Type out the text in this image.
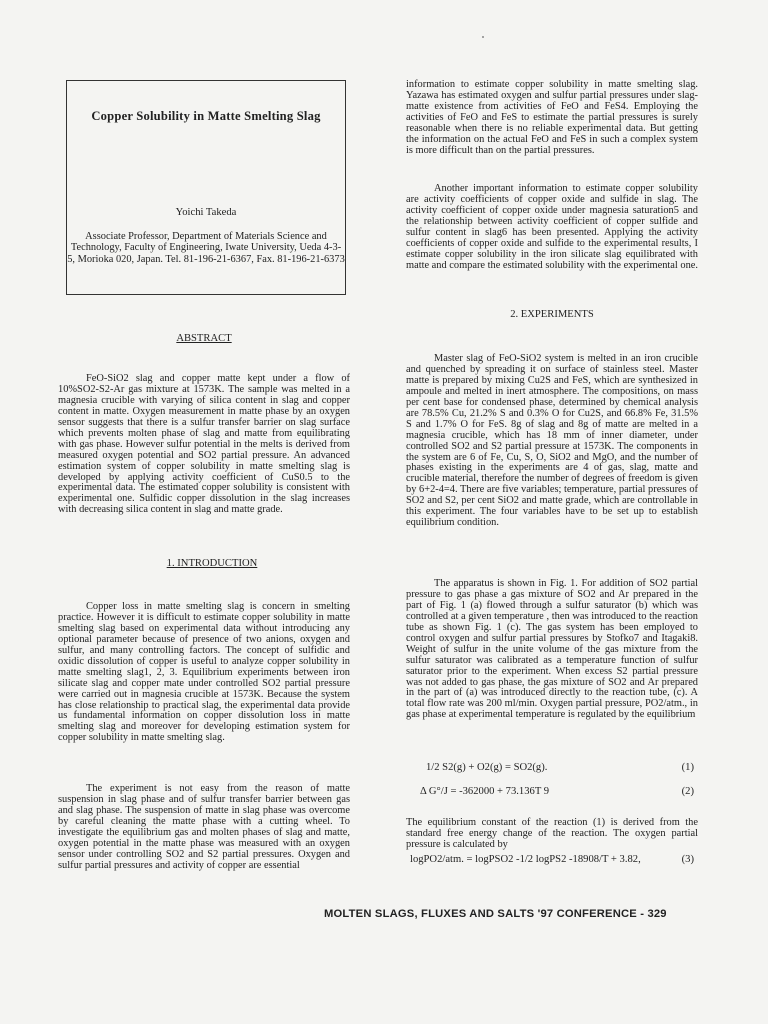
Copper Solubility in Matte Smelting Slag
Yoichi Takeda
Associate Professor, Department of Materials Science and Technology, Faculty of Engineering, Iwate University, Ueda 4-3-5, Morioka 020, Japan. Tel. 81-196-21-6367, Fax. 81-196-21-6373
ABSTRACT

FeO-SiO2 slag and copper matte kept under a flow of 10%SO2-S2-Ar gas mixture at 1573K. The sample was melted in a magnesia crucible with varying of silica content in slag and copper content in matte. Oxygen measurement in matte phase by an oxygen sensor suggests that there is a sulfur transfer barrier on slag surface which prevents molten phase of slag and matte from equilibrating with gas phase. However sulfur potential in the melts is derived from measured oxygen potential and SO2 partial pressure. An advanced estimation system of copper solubility in matte smelting slag is developed by applying activity coefficient of CuS0.5 to the experimental data. The estimated copper solubility is consistent with experimental one. Sulfidic copper dissolution in the slag increases with decreasing silica content in slag and matte grade.

1. INTRODUCTION

Copper loss in matte smelting slag is concern in smelting practice. However it is difficult to estimate copper solubility in matte smelting slag based on experimental data without introducing any optional parameter because of presence of two anions, oxygen and sulfur, and many controlling factors. The concept of sulfidic and oxidic dissolution of copper is useful to analyze copper solubility in matte smelting slag1, 2, 3. Equilibrium experiments between iron silicate slag and copper mate under controlled SO2 partial pressure were carried out in magnesia crucible at 1573K. Because the system has close relationship to practical slag, the experimental data provide us fundamental information on copper dissolution loss in matte smelting slag and moreover for developing estimation system for copper solubility in matte smelting slag.

The experiment is not easy from the reason of matte suspension in slag phase and of sulfur transfer barrier between gas and slag phase. The suspension of matte in slag phase was overcome by careful cleaning the matte phase with a cutting wheel. To investigate the equilibrium gas and molten phases of slag and matte, oxygen potential in the matte phase was measured with an oxygen sensor under controlling SO2 and S2 partial pressures. Oxygen and sulfur partial pressures and activity of copper are essential

information to estimate copper solubility in matte smelting slag. Yazawa has estimated oxygen and sulfur partial pressures under slag-matte existence from activities of FeO and FeS4. Employing the activities of FeO and FeS to estimate the partial pressures is surely reasonable when there is no reliable experimental data. But getting the information on the actual FeO and FeS in such a complex system is more difficult than on the partial pressures.

Another important information to estimate copper solubility are activity coefficients of copper oxide and sulfide in slag. The activity coefficient of copper oxide under magnesia saturation5 and the relationship between activity coefficient of copper sulfide and sulfur content in slag6 has been presented. Applying the activity coefficients of copper oxide and sulfide to the experimental results, I estimate copper solubility in the iron silicate slag equilibrated with matte and compare the estimated solubility with the experimental one.

2. EXPERIMENTS

Master slag of FeO-SiO2 system is melted in an iron crucible and quenched by spreading it on surface of stainless steel. Master matte is prepared by mixing Cu2S and FeS, which are synthesized in ampoule and melted in inert atmosphere. The compositions, on mass per cent base for condensed phase, determined by chemical analysis are 78.5% Cu, 21.2% S and 0.3% O for Cu2S, and 66.8% Fe, 31.5% S and 1.7% O for FeS. 8g of slag and 8g of matte are melted in a magnesia crucible, which has 18 mm of inner diameter, under controlled SO2 and S2 partial pressure at 1573K. The components in the system are 6 of Fe, Cu, S, O, SiO2 and MgO, and the number of phases existing in the experiments are 4 of gas, slag, matte and crucible material, therefore the number of degrees of freedom is given by 6+2-4=4. There are five variables; temperature, partial pressures of SO2 and S2, per cent SiO2 and matte grade, which are controllable in this experiment. The four variables have to be set up to establish equilibrium condition.

The apparatus is shown in Fig. 1. For addition of SO2 partial pressure to gas phase a gas mixture of SO2 and Ar prepared in the part of Fig. 1 (a) flowed through a sulfur saturator (b) which was controlled at a given temperature , then was introduced to the reaction tube as shown Fig. 1 (c). The gas system has been employed to control oxygen and sulfur partial pressures by Stofko7 and Itagaki8. Weight of sulfur in the unite volume of the gas mixture from the sulfur saturator was calibrated as a temperature function of sulfur saturator prior to the experiment. When excess S2 partial pressure was not added to gas phase, the gas mixture of SO2 and Ar prepared in the part of (a) was introduced directly to the reaction tube, (c). A total flow rate was 200 ml/min. Oxygen partial pressure, PO2/atm., in gas phase at experimental temperature is regulated by the equilibrium

1/2 S2(g) + O2(g) = SO2(g).	(1)
Δ G°/J = -362000 + 73.136T 9	(2)

The equilibrium constant of the reaction (1) is derived from the standard free energy change of the reaction. The oxygen partial pressure is calculated by

logPO2/atm. = logPSO2 -1/2 logPS2 -18908/T + 3.82,	(3)
MOLTEN SLAGS, FLUXES AND SALTS '97 CONFERENCE - 329
